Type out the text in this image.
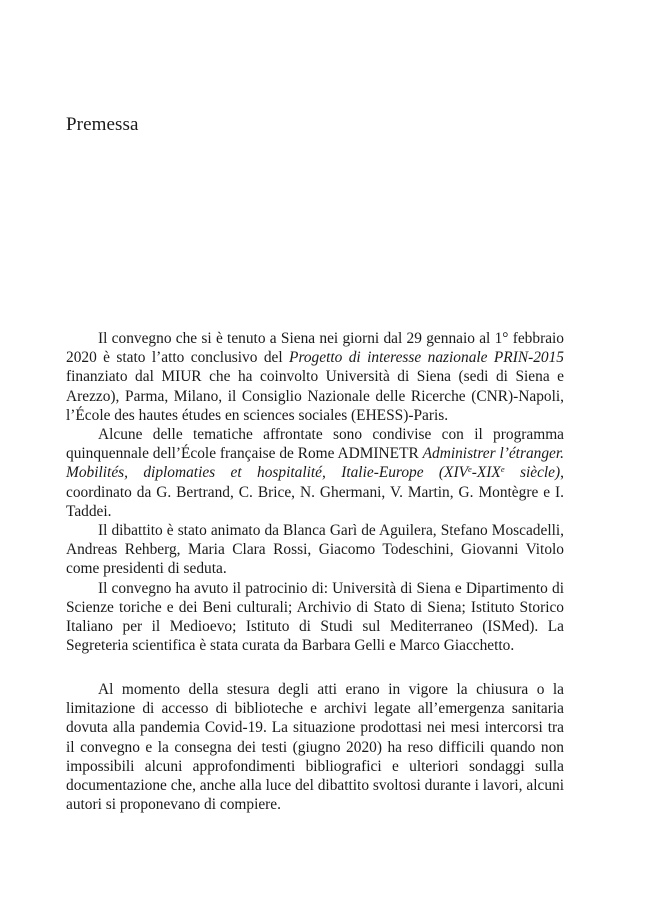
Premessa

Il convegno che si è tenuto a Siena nei giorni dal 29 gennaio al 1° febbraio 2020 è stato l’atto conclusivo del Progetto di interesse nazionale PRIN-2015 finanziato dal MIUR che ha coinvolto Università di Siena (sedi di Siena e Arezzo), Parma, Milano, il Consiglio Nazionale delle Ricerche (CNR)-Napoli, l’École des hautes études en sciences sociales (EHESS)-Paris.

Alcune delle tematiche affrontate sono condivise con il programma quinquennale dell’École française de Rome ADMINETR Administrer l’étranger. Mobilités, diplomaties et hospitalité, Italie-Europe (XIVe-XIXe siècle), coordinato da G. Bertrand, C. Brice, N. Ghermani, V. Martin, G. Montègre e I. Taddei.

Il dibattito è stato animato da Blanca Garì de Aguilera, Stefano Moscadelli, Andreas Rehberg, Maria Clara Rossi, Giacomo Todeschini, Giovanni Vitolo come presidenti di seduta.

Il convegno ha avuto il patrocinio di: Università di Siena e Dipartimento di Scienze toriche e dei Beni culturali; Archivio di Stato di Siena; Istituto Storico Italiano per il Medioevo; Istituto di Studi sul Mediterraneo (ISMed). La Segreteria scientifica è stata curata da Barbara Gelli e Marco Giacchetto.

Al momento della stesura degli atti erano in vigore la chiusura o la limitazione di accesso di biblioteche e archivi legate all’emergenza sanitaria dovuta alla pandemia Covid-19. La situazione prodottasi nei mesi intercorsi tra il convegno e la consegna dei testi (giugno 2020) ha reso difficili quando non impossibili alcuni approfondimenti bibliografici e ulteriori sondaggi sulla documentazione che, anche alla luce del dibattito svoltosi durante i lavori, alcuni autori si proponevano di compiere.
